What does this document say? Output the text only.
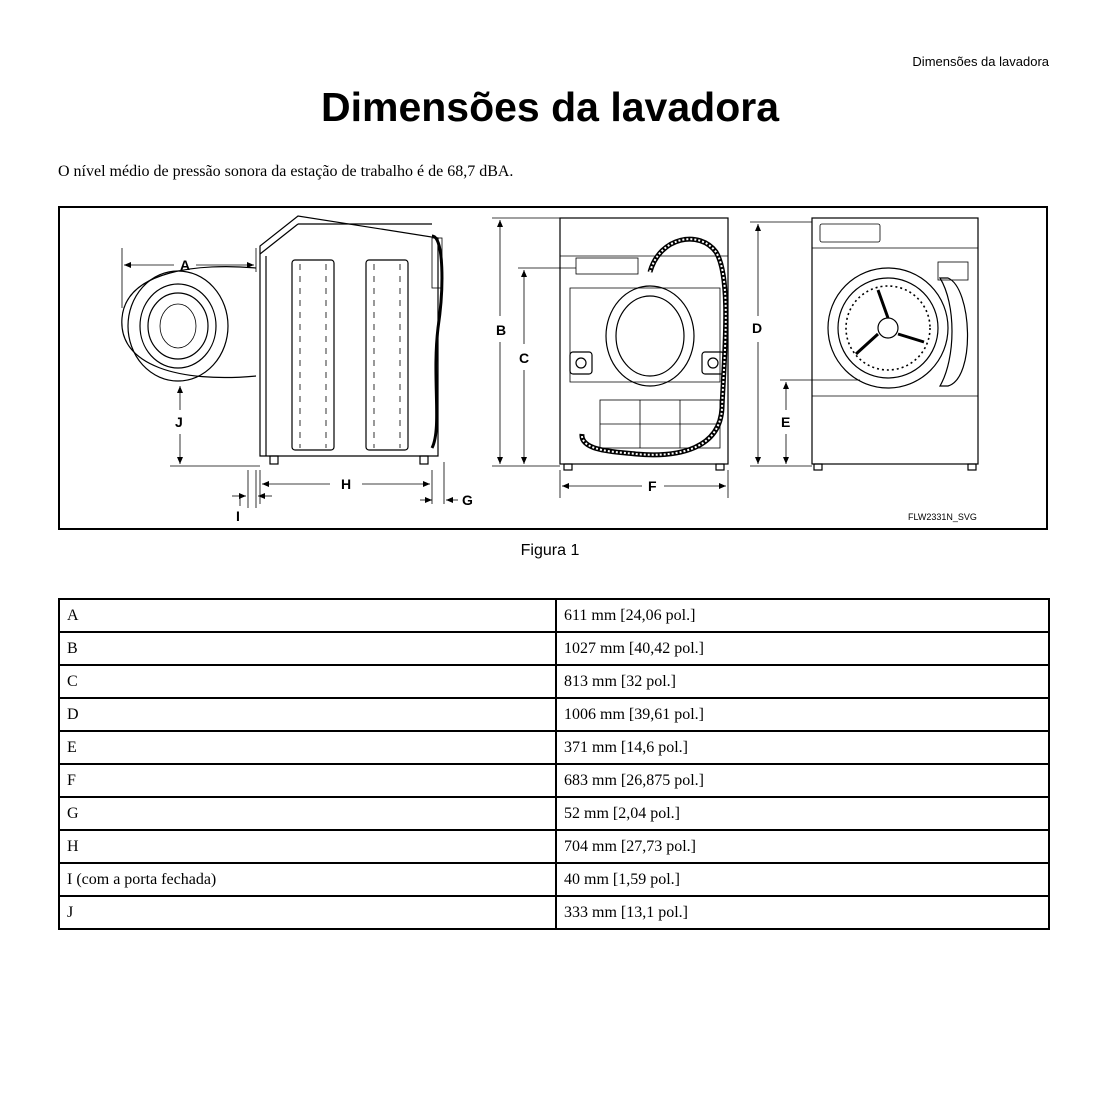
Dimensões da lavadora
Dimensões da lavadora
O nível médio de pressão sonora da estação de trabalho é de 68,7 dBA.
A
J
H
G
I
B
C
F
D
E
FLW2331N_SVG
Figura 1
A	611 mm [24,06 pol.]
B	1027 mm [40,42 pol.]
C	813 mm [32 pol.]
D	1006 mm [39,61 pol.]
E	371 mm [14,6 pol.]
F	683 mm [26,875 pol.]
G	52 mm [2,04 pol.]
H	704 mm [27,73 pol.]
I (com a porta fechada)	40 mm [1,59 pol.]
J	333 mm [13,1 pol.]
